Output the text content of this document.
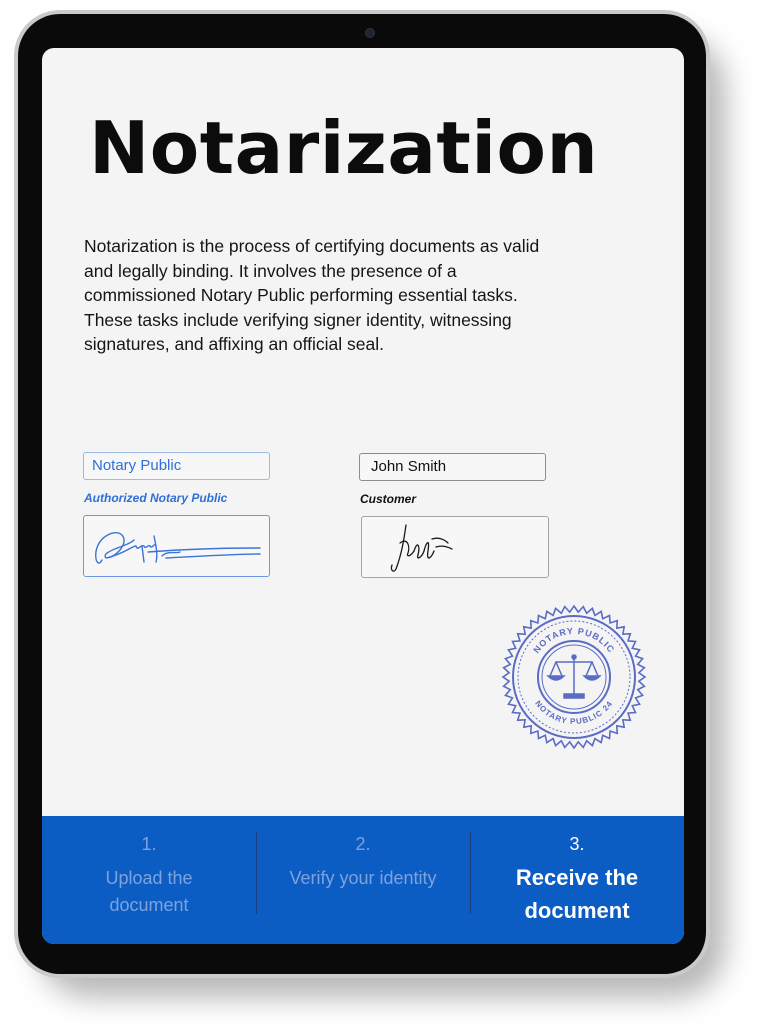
Notarization

Notarization is the process of certifying documents as valid and legally binding. It involves the presence of a commissioned Notary Public performing essential tasks. These tasks include verifying signer identity, witnessing signatures, and affixing an official seal.

Notary Public
Authorized Notary Public
John Smith
Customer
NOTARY PUBLIC
NOTARY PUBLIC 24
1.
Upload the document
2.
Verify your identity
3.
Receive the document
